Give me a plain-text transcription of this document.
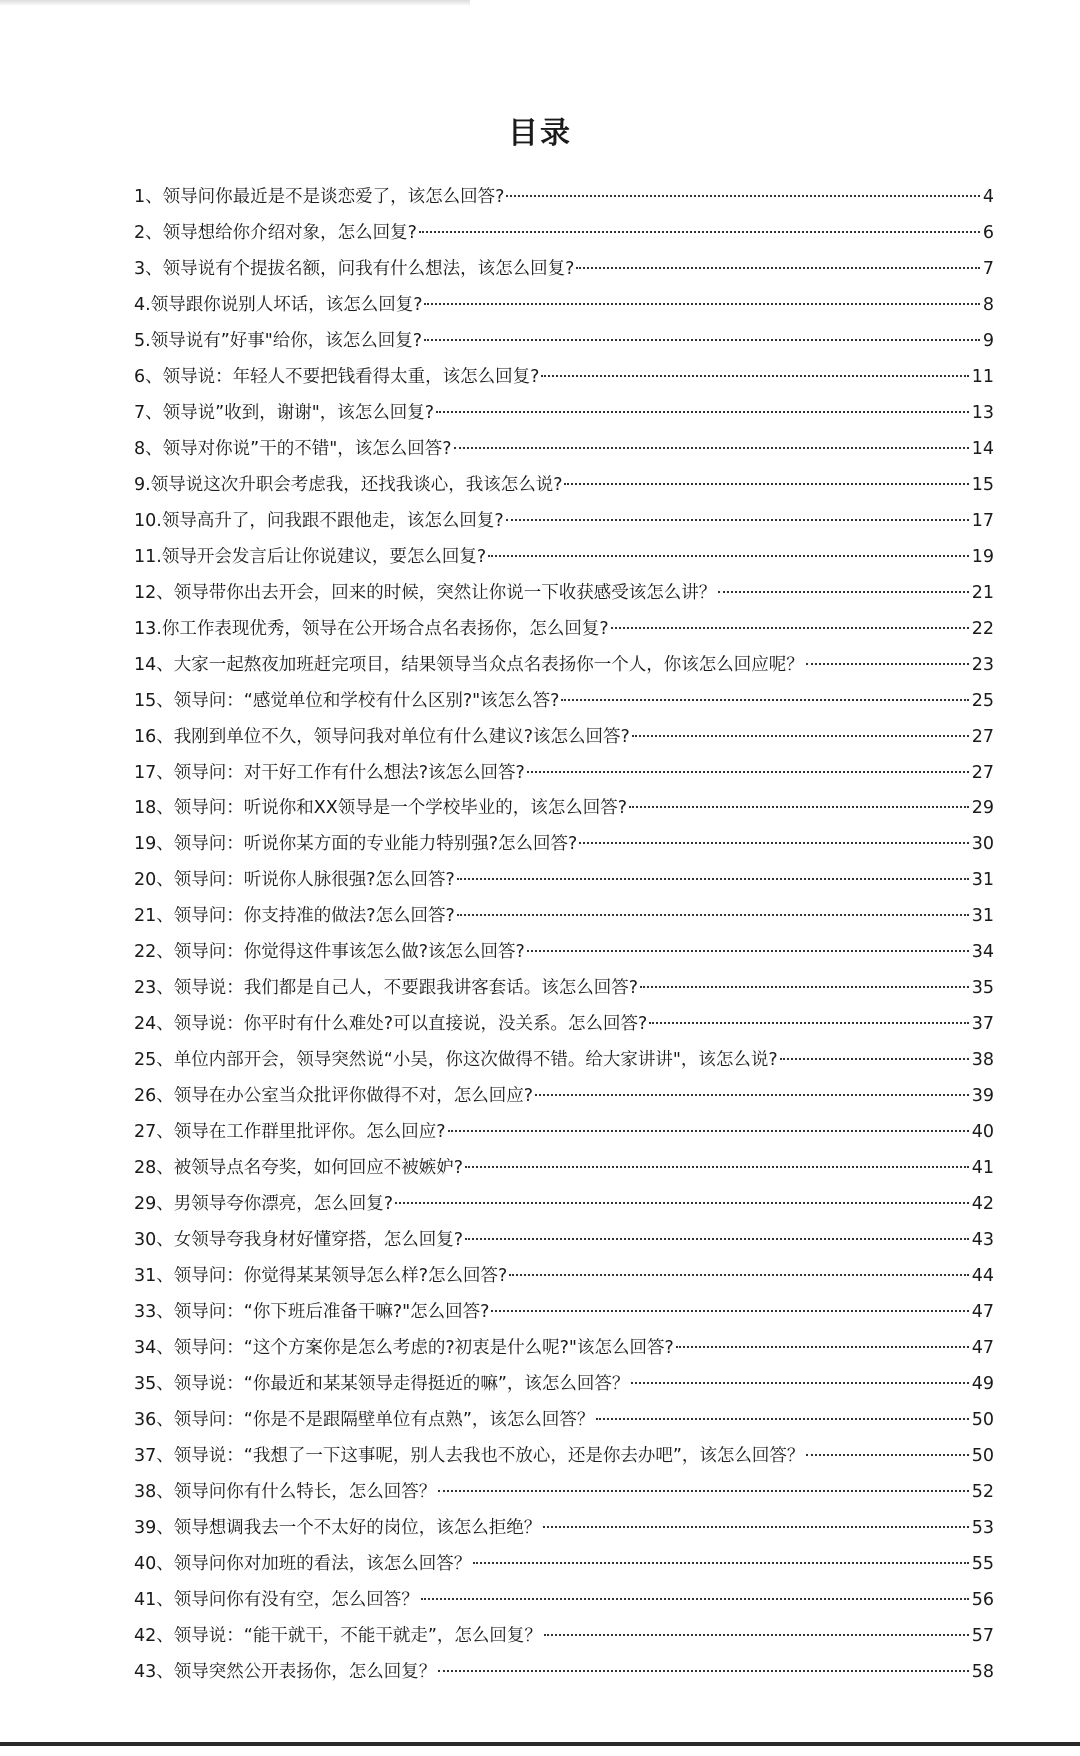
目录
1、领导问你最近是不是谈恋爱了，该怎么回答?	4
2、领导想给你介绍对象，怎么回复?	6
3、领导说有个提拔名额，问我有什么想法，该怎么回复?	7
4.领导跟你说别人坏话，该怎么回复?	8
5.领导说有”好事"给你，该怎么回复?	9
6、领导说：年轻人不要把钱看得太重，该怎么回复?	11
7、领导说”收到，谢谢"，该怎么回复?	13
8、领导对你说”干的不错"，该怎么回答?	14
9.领导说这次升职会考虑我，还找我谈心，我该怎么说?	15
10.领导高升了，问我跟不跟他走，该怎么回复?	17
11.领导开会发言后让你说建议，要怎么回复?	19
12、领导带你出去开会，回来的时候，突然让你说一下收获感受该怎么讲？	21
13.你工作表现优秀，领导在公开场合点名表扬你，怎么回复?	22
14、大家一起熬夜加班赶完项目，结果领导当众点名表扬你一个人，你该怎么回应呢？	23
15、领导问：“感觉单位和学校有什么区别?"该怎么答?	25
16、我刚到单位不久，领导问我对单位有什么建议?该怎么回答?	27
17、领导问：对干好工作有什么想法?该怎么回答?	27
18、领导问：听说你和XX领导是一个学校毕业的，该怎么回答?	29
19、领导问：听说你某方面的专业能力特别强?怎么回答?	30
20、领导问：听说你人脉很强?怎么回答?	31
21、领导问：你支持准的做法?怎么回答?	31
22、领导问：你觉得这件事该怎么做?该怎么回答?	34
23、领导说：我们都是自己人，不要跟我讲客套话。该怎么回答?	35
24、领导说：你平时有什么难处?可以直接说，没关系。怎么回答?	37
25、单位内部开会，领导突然说“小吴，你这次做得不错。给大家讲讲"，该怎么说?	38
26、领导在办公室当众批评你做得不对，怎么回应?	39
27、领导在工作群里批评你。怎么回应?	40
28、被领导点名夸奖，如何回应不被嫉妒?	41
29、男领导夸你漂亮，怎么回复?	42
30、女领导夸我身材好懂穿搭，怎么回复?	43
31、领导问：你觉得某某领导怎么样?怎么回答?	44
33、领导问：“你下班后准备干嘛?"怎么回答?	47
34、领导问：“这个方案你是怎么考虑的?初衷是什么呢?"该怎么回答?	47
35、领导说：“你最近和某某领导走得挺近的嘛”，该怎么回答？	49
36、领导问：“你是不是跟隔壁单位有点熟”，该怎么回答？	50
37、领导说：“我想了一下这事呢，别人去我也不放心，还是你去办吧”，该怎么回答？	50
38、领导问你有什么特长，怎么回答？	52
39、领导想调我去一个不太好的岗位，该怎么拒绝？	53
40、领导问你对加班的看法，该怎么回答？	55
41、领导问你有没有空，怎么回答？	56
42、领导说：“能干就干，不能干就走”，怎么回复？	57
43、领导突然公开表扬你，怎么回复？	58
